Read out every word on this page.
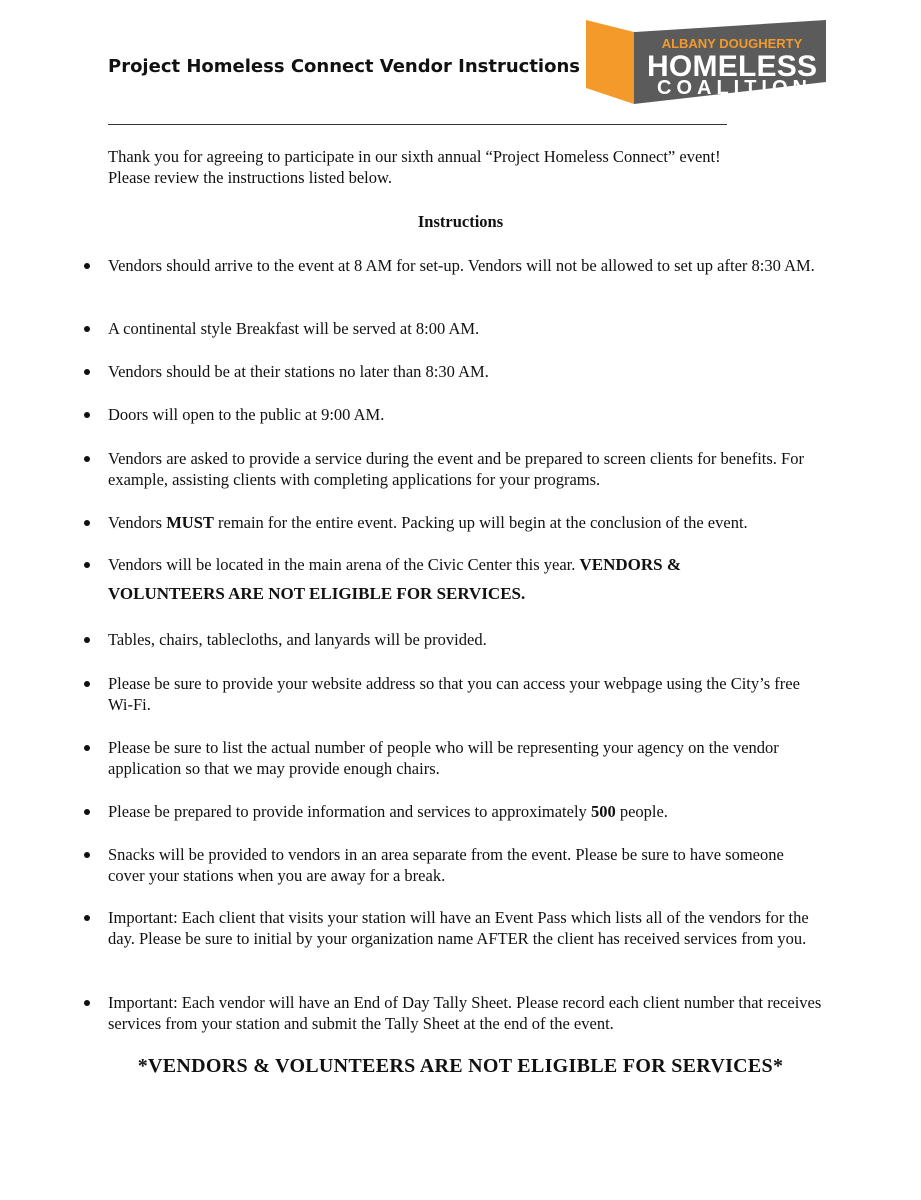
Project Homeless Connect Vendor Instructions
ALBANY DOUGHERTY
HOMELESS
COALITION
Thank you for agreeing to participate in our sixth annual “Project Homeless Connect” event!
Please review the instructions listed below.
Instructions
Vendors should arrive to the event at 8 AM for set-up. Vendors will not be allowed to set up after 8:30 AM.
A continental style Breakfast will be served at 8:00 AM.
Vendors should be at their stations no later than 8:30 AM.
Doors will open to the public at 9:00 AM.
Vendors are asked to provide a service during the event and be prepared to screen clients for benefits. For example, assisting clients with completing applications for your programs.
Vendors MUST remain for the entire event. Packing up will begin at the conclusion of the event.
Vendors will be located in the main arena of the Civic Center this year. VENDORS &
VOLUNTEERS ARE NOT ELIGIBLE FOR SERVICES.
Tables, chairs, tablecloths, and lanyards will be provided.
Please be sure to provide your website address so that you can access your webpage using the City’s free Wi-Fi.
Please be sure to list the actual number of people who will be representing your agency on the vendor application so that we may provide enough chairs.
Please be prepared to provide information and services to approximately 500 people.
Snacks will be provided to vendors in an area separate from the event. Please be sure to have someone cover your stations when you are away for a break.
Important: Each client that visits your station will have an Event Pass which lists all of the vendors for the day. Please be sure to initial by your organization name AFTER the client has received services from you.
Important: Each vendor will have an End of Day Tally Sheet. Please record each client number that receives services from your station and submit the Tally Sheet at the end of the event.
*VENDORS & VOLUNTEERS ARE NOT ELIGIBLE FOR SERVICES*
